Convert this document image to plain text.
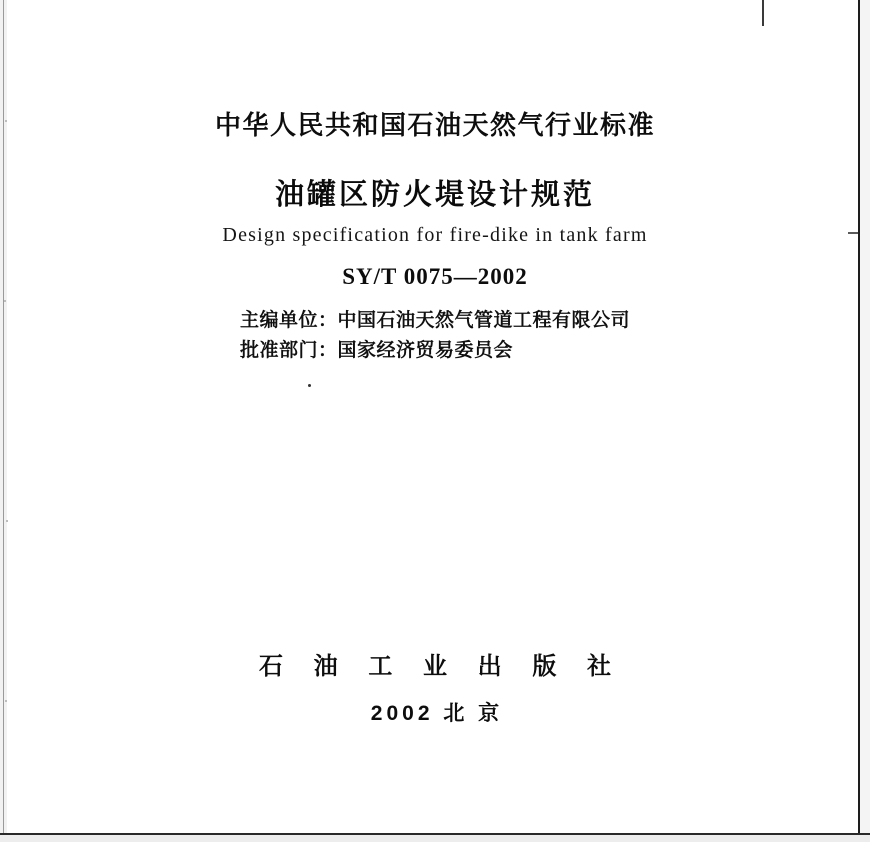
中华人民共和国石油天然气行业标准
油罐区防火堤设计规范
Design specification for fire-dike in tank farm
SY/T 0075—2002
主编单位：中国石油天然气管道工程有限公司
批准部门：国家经济贸易委员会
石 油 工 业 出 版 社
2002 北 京
